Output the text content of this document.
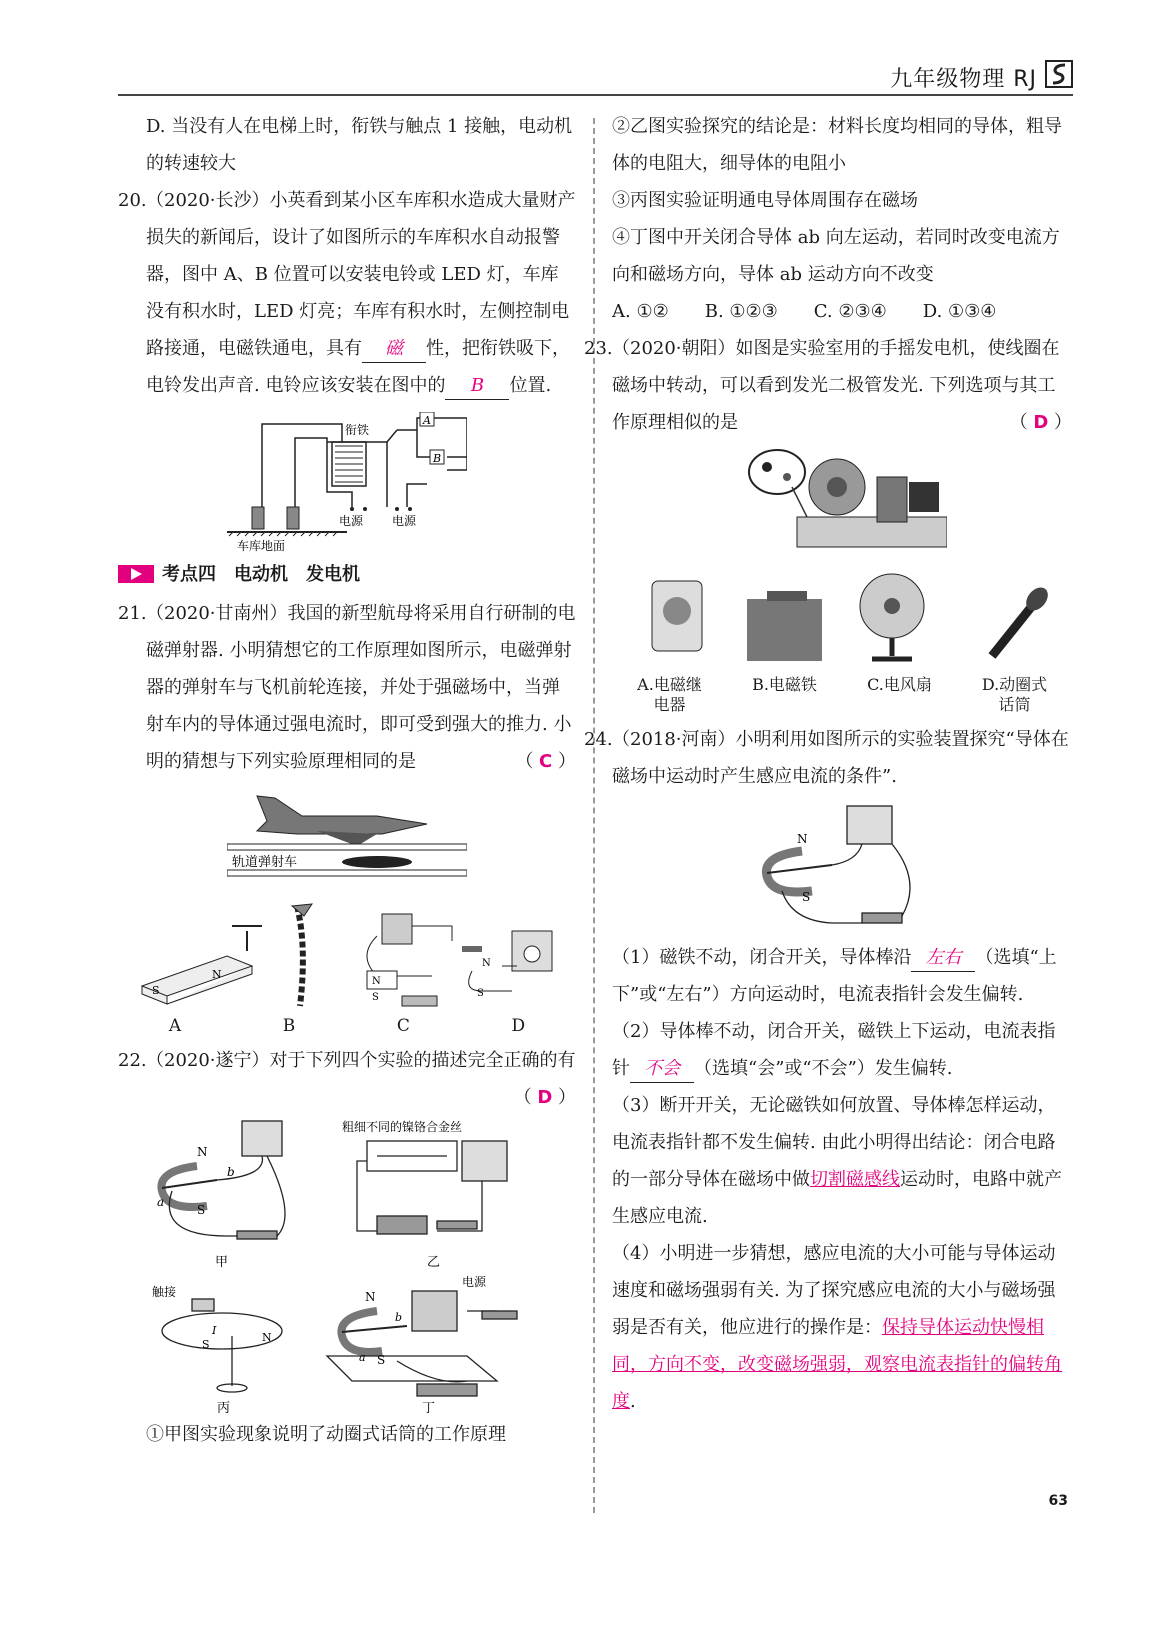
九年级物理 RJ

D. 当没有人在电梯上时，衔铁与触点 1 接触，电动机的转速较大

20.（2020·长沙）小英看到某小区车库积水造成大量财产损失的新闻后，设计了如图所示的车库积水自动报警器，图中 A、B 位置可以安装电铃或 LED 灯，车库没有积水时，LED 灯亮；车库有积水时，左侧控制电路接通，电磁铁通电，具有 磁 性，把衔铁吸下，电铃发出声音. 电铃应该安装在图中的 B 位置.

A
B
衔铁
电源 电源
车库地面
考点四　电动机　发电机

21.（2020·甘南州）我国的新型航母将采用自行研制的电磁弹射器. 小明猜想它的工作原理如图所示，电磁弹射器的弹射车与飞机前轮连接，并处于强磁场中，当弹射车内的导体通过强电流时，即可受到强大的推力. 小明的猜想与下列实验原理相同的是	（ C ）

轨道弹射车
N
S
N
S
N
S
A	B	C	D

22.（2020·遂宁）对于下列四个实验的描述完全正确的有
（ D ）

N
S
b
a
甲
粗细不同的镍铬合金丝
乙
触接
I
S
N
丙
电源
N
S
b
a
丁

①甲图实验现象说明了动圈式话筒的工作原理

②乙图实验探究的结论是：材料长度均相同的导体，粗导体的电阻大，细导体的电阻小

③丙图实验证明通电导体周围存在磁场

④丁图中开关闭合导体 ab 向左运动，若同时改变电流方向和磁场方向，导体 ab 运动方向不改变

A. ①②　　B. ①②③　　C. ②③④　　D. ①③④

23.（2020·朝阳）如图是实验室用的手摇发电机，使线圈在磁场中转动，可以看到发光二极管发光. 下列选项与其工作原理相似的是	（ D ）

A.电磁继电器
B.电磁铁	C.电风扇	D.动圈式话筒

24.（2018·河南）小明利用如图所示的实验装置探究“导体在磁场中运动时产生感应电流的条件”.

N
S

（1）磁铁不动，闭合开关，导体棒沿 左右 （选填“上下”或“左右”）方向运动时，电流表指针会发生偏转.

（2）导体棒不动，闭合开关，磁铁上下运动，电流表指针 不会 （选填“会”或“不会”）发生偏转.

（3）断开开关，无论磁铁如何放置、导体棒怎样运动，电流表指针都不发生偏转. 由此小明得出结论：闭合电路的一部分导体在磁场中做切割磁感线运动时，电路中就产生感应电流.

（4）小明进一步猜想，感应电流的大小可能与导体运动速度和磁场强弱有关. 为了探究感应电流的大小与磁场强弱是否有关，他应进行的操作是：保持导体运动快慢相同，方向不变，改变磁场强弱，观察电流表指针的偏转角度.

63
